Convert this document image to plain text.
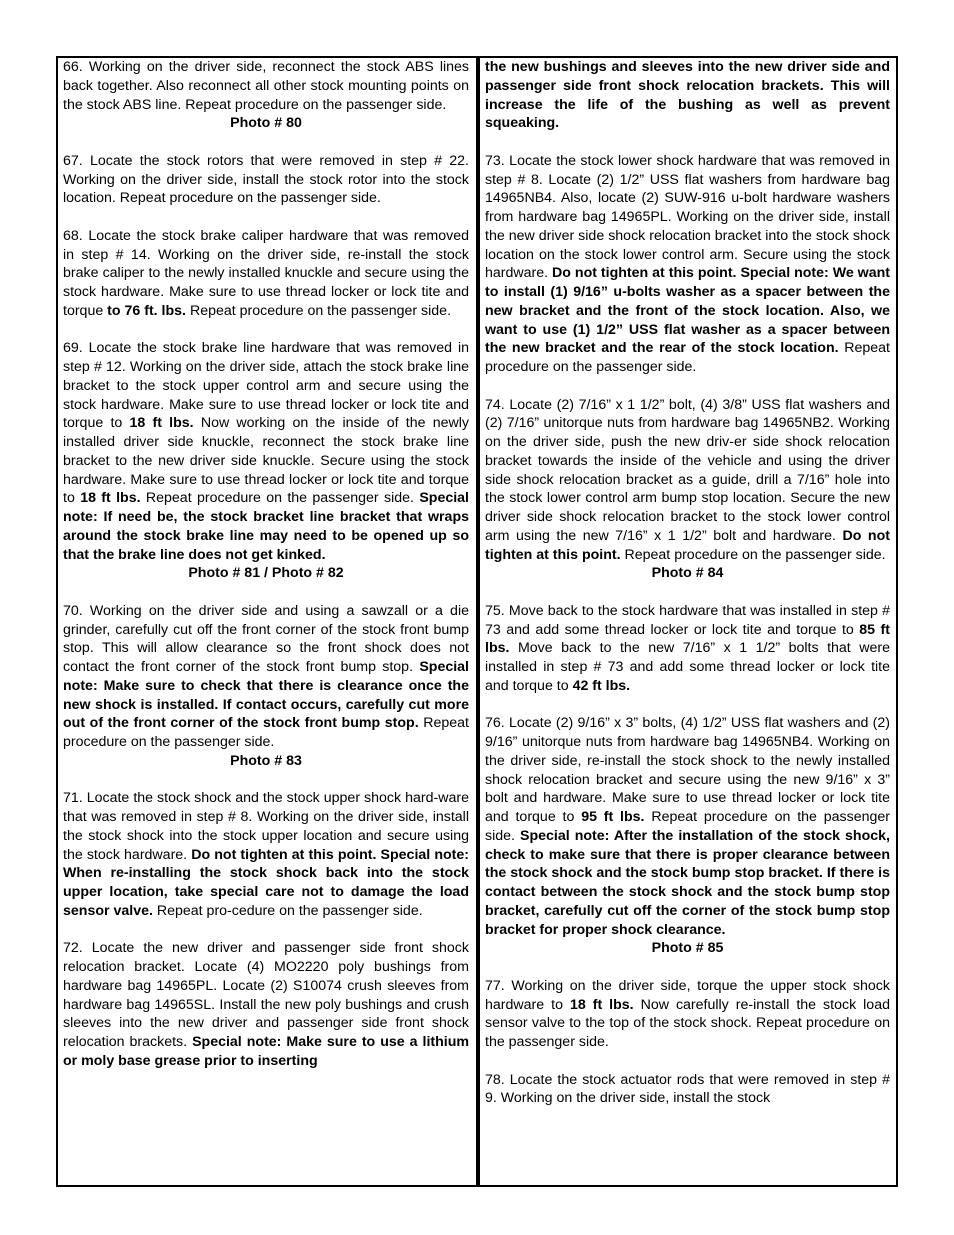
66. Working on the driver side, reconnect the stock ABS lines back together. Also reconnect all other stock mounting points on the stock ABS line. Repeat procedure on the passenger side.
Photo # 80

67. Locate the stock rotors that were removed in step # 22. Working on the driver side, install the stock rotor into the stock location. Repeat procedure on the passenger side.

68. Locate the stock brake caliper hardware that was removed in step # 14. Working on the driver side, re-install the stock brake caliper to the newly installed knuckle and secure using the stock hardware. Make sure to use thread locker or lock tite and torque to 76 ft. lbs. Repeat procedure on the passenger side.

69. Locate the stock brake line hardware that was removed in step # 12. Working on the driver side, attach the stock brake line bracket to the stock upper control arm and secure using the stock hardware. Make sure to use thread locker or lock tite and torque to 18 ft lbs. Now working on the inside of the newly installed driver side knuckle, reconnect the stock brake line bracket to the new driver side knuckle. Secure using the stock hardware. Make sure to use thread locker or lock tite and torque to 18 ft lbs. Repeat procedure on the passenger side. Special note: If need be, the stock bracket line bracket that wraps around the stock brake line may need to be opened up so that the brake line does not get kinked.
Photo # 81 / Photo # 82

70. Working on the driver side and using a sawzall or a die grinder, carefully cut off the front corner of the stock front bump stop. This will allow clearance so the front shock does not contact the front corner of the stock front bump stop. Special note: Make sure to check that there is clearance once the new shock is installed. If contact occurs, carefully cut more out of the front corner of the stock front bump stop. Repeat procedure on the passenger side.
Photo # 83

71. Locate the stock shock and the stock upper shock hard-ware that was removed in step # 8. Working on the driver side, install the stock shock into the stock upper location and secure using the stock hardware. Do not tighten at this point. Special note: When re-installing the stock shock back into the stock upper location, take special care not to damage the load sensor valve. Repeat pro-cedure on the passenger side.

72. Locate the new driver and passenger side front shock relocation bracket. Locate (4) MO2220 poly bushings from hardware bag 14965PL. Locate (2) S10074 crush sleeves from hardware bag 14965SL. Install the new poly bushings and crush sleeves into the new driver and passenger side front shock relocation brackets. Special note: Make sure to use a lithium or moly base grease prior to inserting

the new bushings and sleeves into the new driver side and passenger side front shock relocation brackets. This will increase the life of the bushing as well as prevent squeaking.

73. Locate the stock lower shock hardware that was removed in step # 8. Locate (2) 1/2” USS flat washers from hardware bag 14965NB4. Also, locate (2) SUW-916 u-bolt hardware washers from hardware bag 14965PL. Working on the driver side, install the new driver side shock relocation bracket into the stock shock location on the stock lower control arm. Secure using the stock hardware. Do not tighten at this point. Special note: We want to install (1) 9/16” u-bolts washer as a spacer between the new bracket and the front of the stock location. Also, we want to use (1) 1/2” USS flat washer as a spacer between the new bracket and the rear of the stock location. Repeat procedure on the passenger side.

74. Locate (2) 7/16” x 1 1/2” bolt, (4) 3/8” USS flat washers and (2) 7/16” unitorque nuts from hardware bag 14965NB2. Working on the driver side, push the new driv-er side shock relocation bracket towards the inside of the vehicle and using the driver side shock relocation bracket as a guide, drill a 7/16” hole into the stock lower control arm bump stop location. Secure the new driver side shock relocation bracket to the stock lower control arm using the new 7/16” x 1 1/2” bolt and hardware. Do not tighten at this point. Repeat procedure on the passenger side.
Photo # 84

75. Move back to the stock hardware that was installed in step # 73 and add some thread locker or lock tite and torque to 85 ft lbs. Move back to the new 7/16” x 1 1/2” bolts that were installed in step # 73 and add some thread locker or lock tite and torque to 42 ft lbs.

76. Locate (2) 9/16” x 3” bolts, (4) 1/2” USS flat washers and (2) 9/16” unitorque nuts from hardware bag 14965NB4. Working on the driver side, re-install the stock shock to the newly installed shock relocation bracket and secure using the new 9/16” x 3” bolt and hardware. Make sure to use thread locker or lock tite and torque to 95 ft lbs. Repeat procedure on the passenger side. Special note: After the installation of the stock shock, check to make sure that there is proper clearance between the stock shock and the stock bump stop bracket. If there is contact between the stock shock and the stock bump stop bracket, carefully cut off the corner of the stock bump stop bracket for proper shock clearance.
Photo # 85

77. Working on the driver side, torque the upper stock shock hardware to 18 ft lbs. Now carefully re-install the stock load sensor valve to the top of the stock shock. Repeat procedure on the passenger side.

78. Locate the stock actuator rods that were removed in step # 9. Working on the driver side, install the stock
